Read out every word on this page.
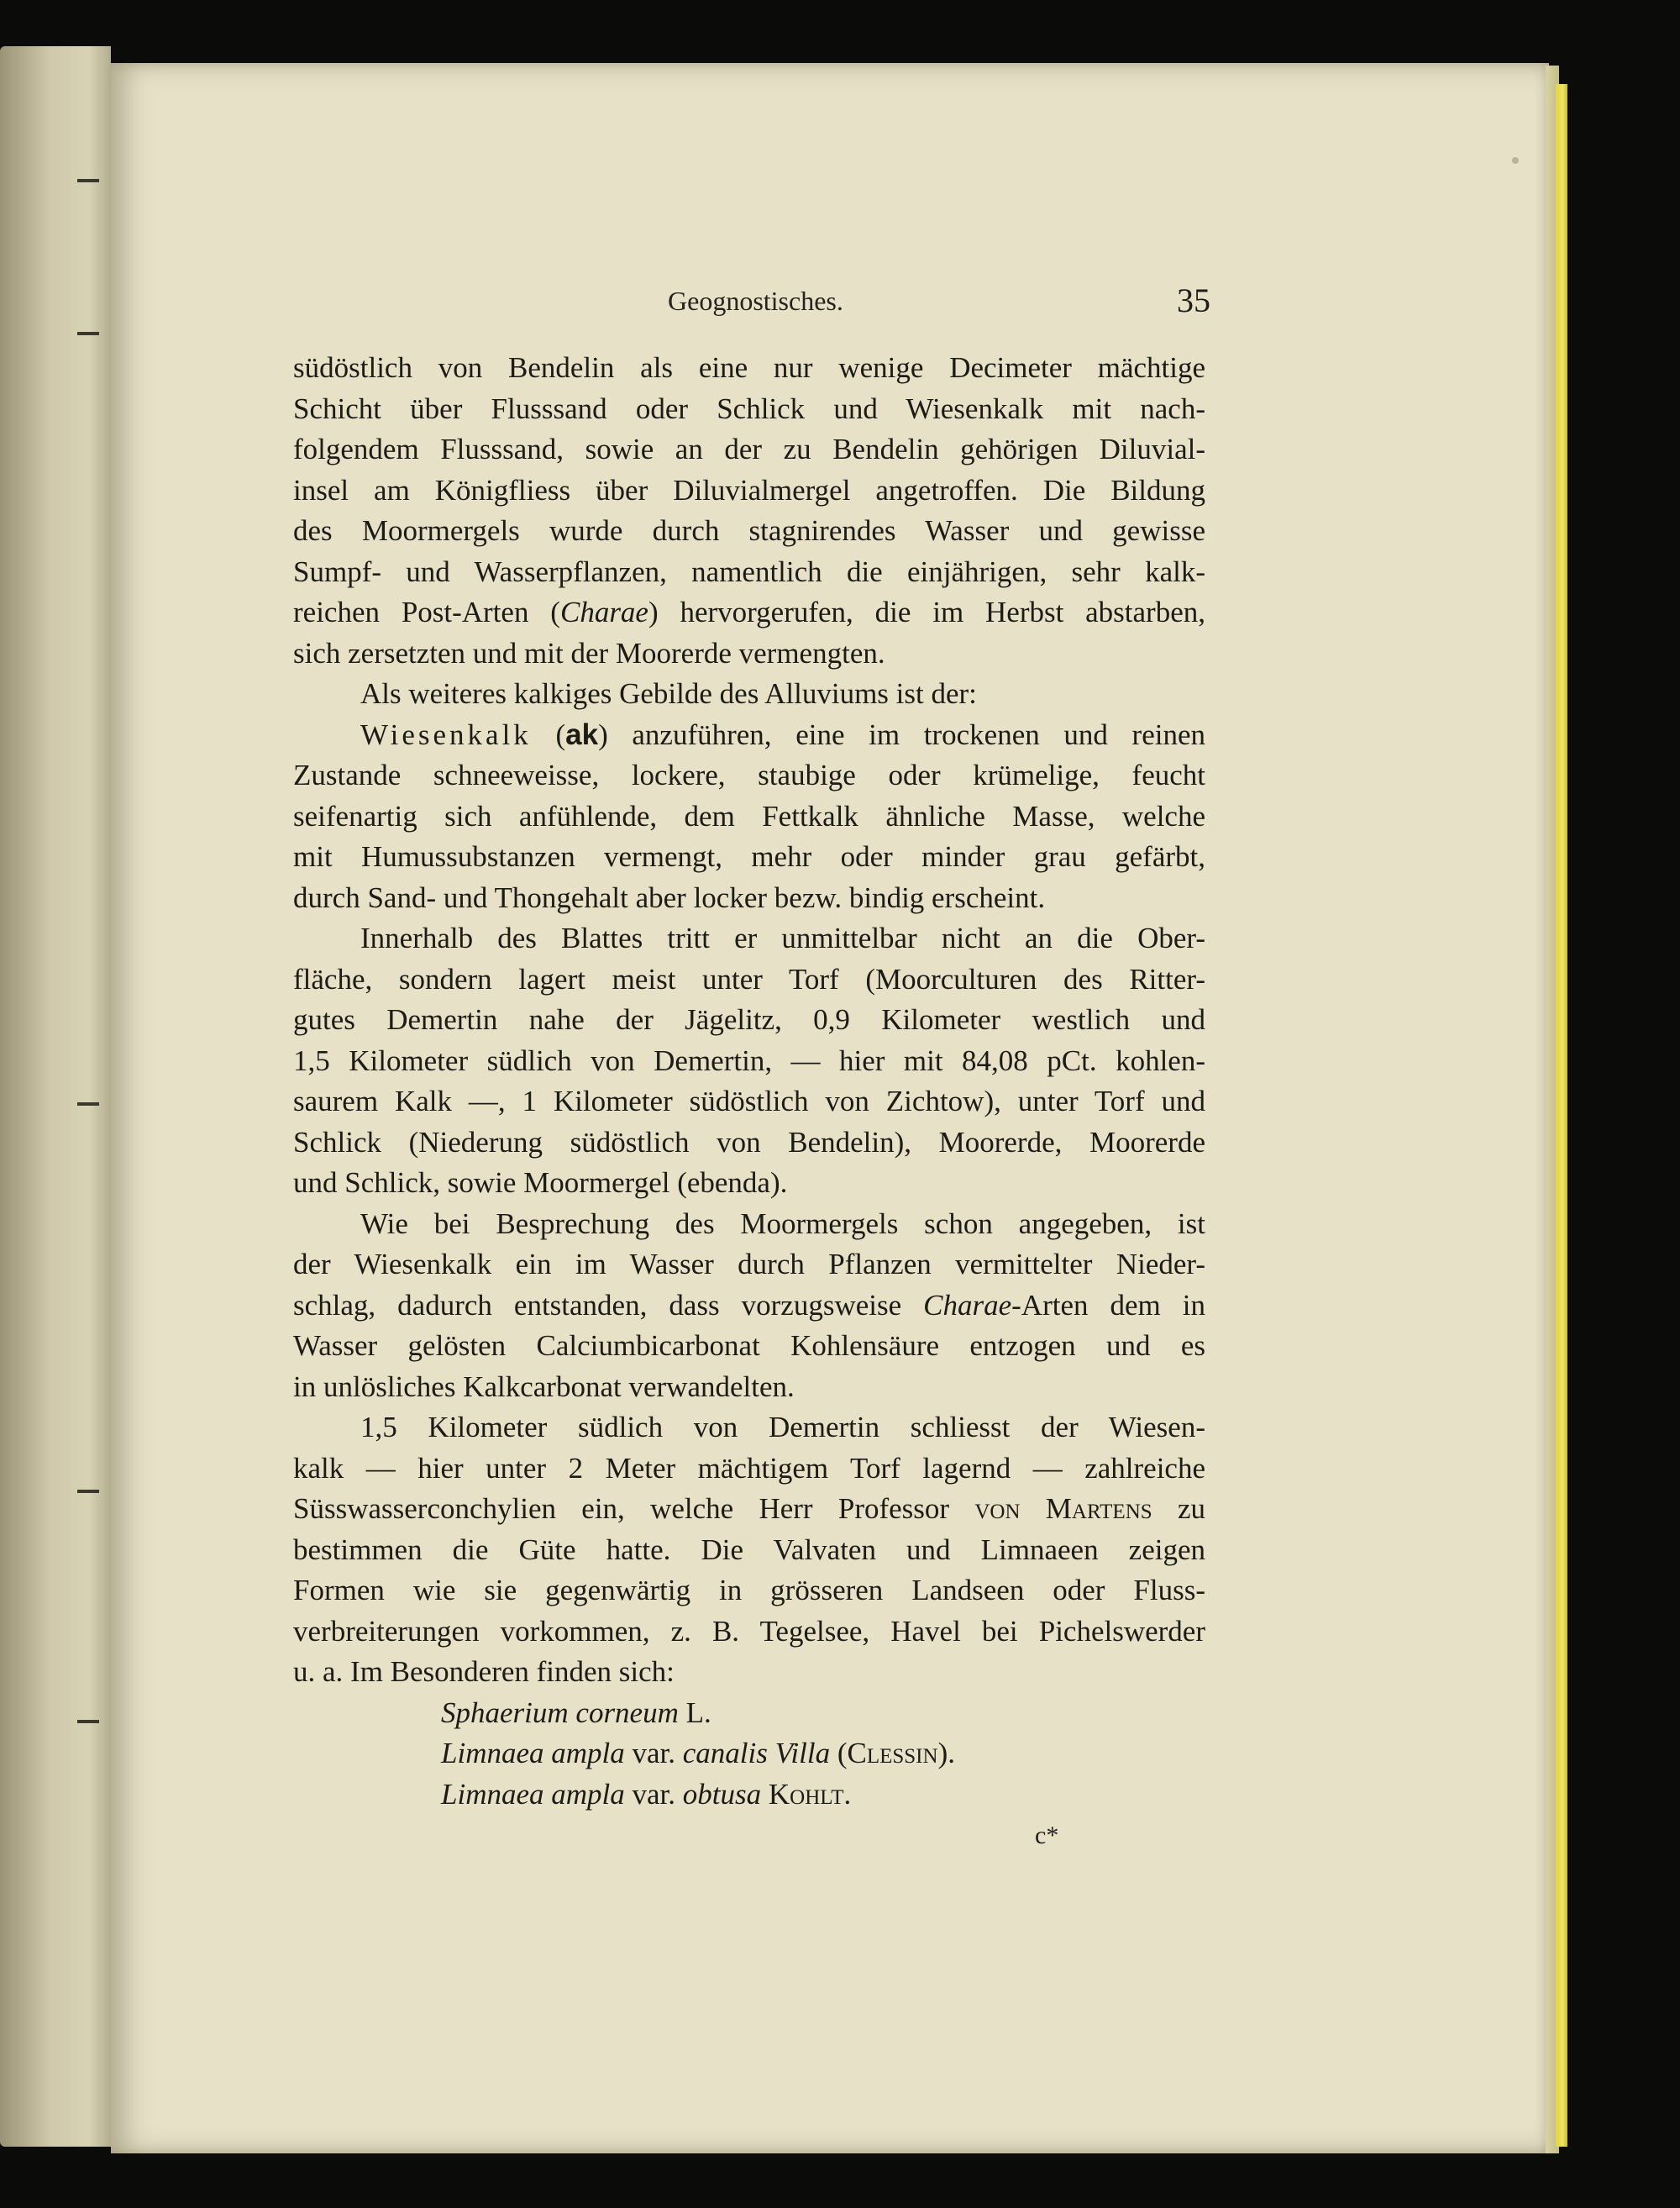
Geognostisches.	35
südöstlich von Bendelin als eine nur wenige Decimeter mächtige
Schicht über Flusssand oder Schlick und Wiesenkalk mit nach-
folgendem Flusssand, sowie an der zu Bendelin gehörigen Diluvial-
insel am Königfliess über Diluvialmergel angetroffen. Die Bildung
des Moormergels wurde durch stagnirendes Wasser und gewisse
Sumpf- und Wasserpflanzen, namentlich die einjährigen, sehr kalk-
reichen Post-Arten (Charae) hervorgerufen, die im Herbst abstarben,
sich zersetzten und mit der Moorerde vermengten.
Als weiteres kalkiges Gebilde des Alluviums ist der:
Wiesenkalk (ak) anzuführen, eine im trockenen und reinen
Zustande schneeweisse, lockere, staubige oder krümelige, feucht
seifenartig sich anfühlende, dem Fettkalk ähnliche Masse, welche
mit Humussubstanzen vermengt, mehr oder minder grau gefärbt,
durch Sand- und Thongehalt aber locker bezw. bindig erscheint.
Innerhalb des Blattes tritt er unmittelbar nicht an die Ober-
fläche, sondern lagert meist unter Torf (Moorculturen des Ritter-
gutes Demertin nahe der Jägelitz, 0,9 Kilometer westlich und
1,5 Kilometer südlich von Demertin, — hier mit 84,08 pCt. kohlen-
saurem Kalk —, 1 Kilometer südöstlich von Zichtow), unter Torf und
Schlick (Niederung südöstlich von Bendelin), Moorerde, Moorerde
und Schlick, sowie Moormergel (ebenda).
Wie bei Besprechung des Moormergels schon angegeben, ist
der Wiesenkalk ein im Wasser durch Pflanzen vermittelter Nieder-
schlag, dadurch entstanden, dass vorzugsweise Charae-Arten dem in
Wasser gelösten Calciumbicarbonat Kohlensäure entzogen und es
in unlösliches Kalkcarbonat verwandelten.
1,5 Kilometer südlich von Demertin schliesst der Wiesen-
kalk — hier unter 2 Meter mächtigem Torf lagernd — zahlreiche
Süsswasserconchylien ein, welche Herr Professor von Martens zu
bestimmen die Güte hatte. Die Valvaten und Limnaeen zeigen
Formen wie sie gegenwärtig in grösseren Landseen oder Fluss-
verbreiterungen vorkommen, z. B. Tegelsee, Havel bei Pichelswerder
u. a. Im Besonderen finden sich:
Sphaerium corneum L.
Limnaea ampla var. canalis Villa (Clessin).
Limnaea ampla var. obtusa Kohlt.
c*
